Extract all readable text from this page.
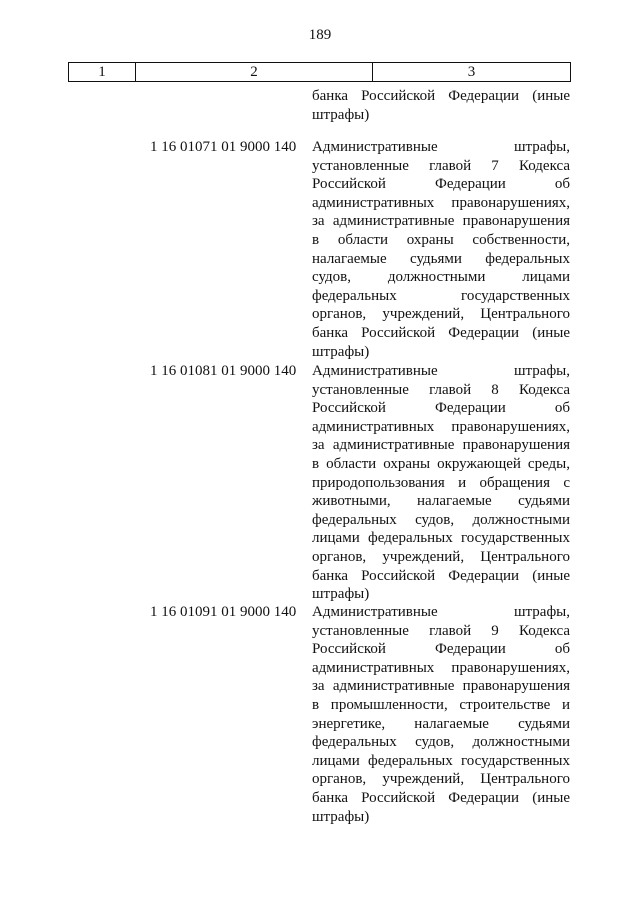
189
1	2	3
банка Российской Федерации (иные
штрафы)
1 16 01071 01 9000 140 Административные штрафы,
установленные главой 7 Кодекса
Российской Федерации об
административных правонарушениях,
за административные правонарушения
в области охраны собственности,
налагаемые судьями федеральных
судов, должностными лицами
федеральных государственных
органов, учреждений, Центрального
банка Российской Федерации (иные
штрафы)
1 16 01081 01 9000 140 Административные штрафы,
установленные главой 8 Кодекса
Российской Федерации об
административных правонарушениях,
за административные правонарушения
в области охраны окружающей среды,
природопользования и обращения с
животными, налагаемые судьями
федеральных судов, должностными
лицами федеральных государственных
органов, учреждений, Центрального
банка Российской Федерации (иные
штрафы)
1 16 01091 01 9000 140 Административные штрафы,
установленные главой 9 Кодекса
Российской Федерации об
административных правонарушениях,
за административные правонарушения
в промышленности, строительстве и
энергетике, налагаемые судьями
федеральных судов, должностными
лицами федеральных государственных
органов, учреждений, Центрального
банка Российской Федерации (иные
штрафы)
